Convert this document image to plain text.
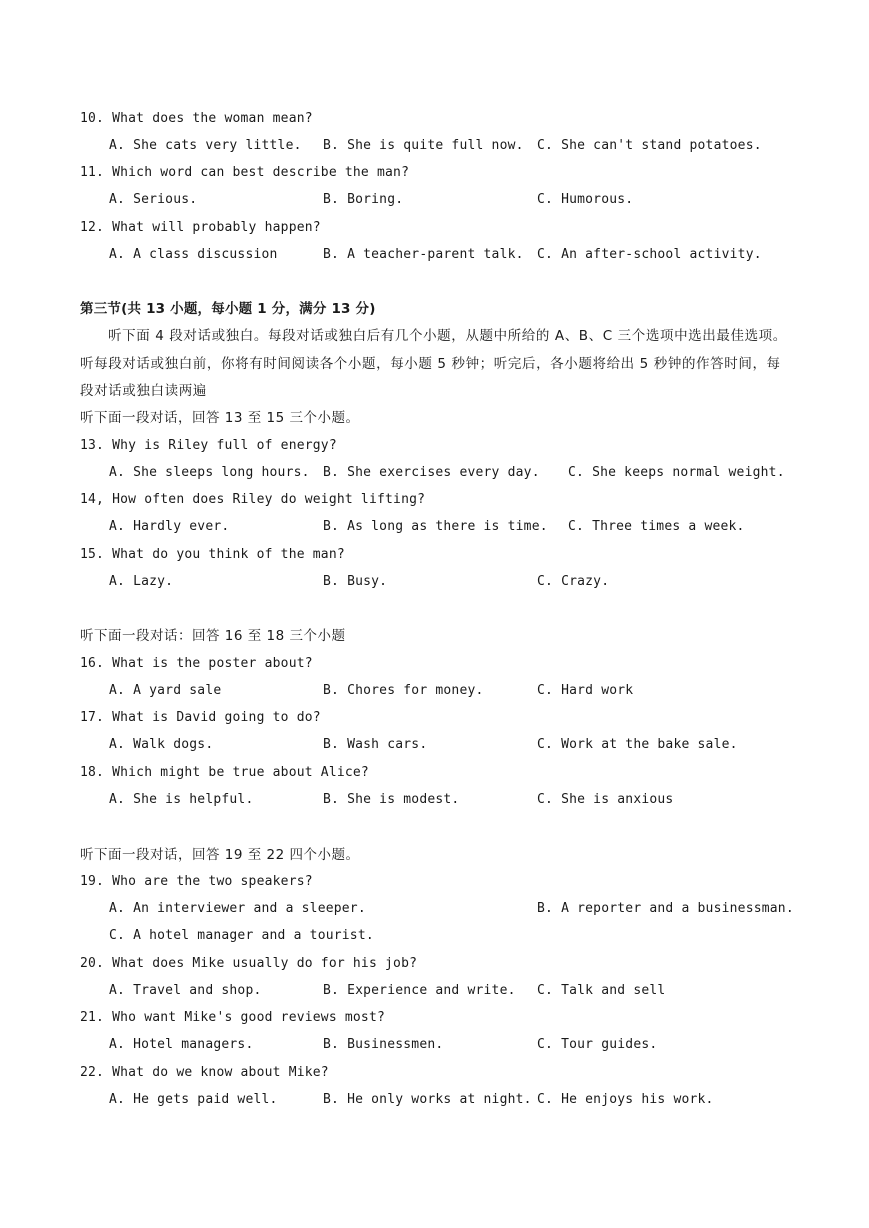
10. What does the woman mean?
A. She cats very little. B. She is quite full now. C. She can't stand potatoes.
11. Which word can best describe the man?
A. Serious.	B. Boring.	C. Humorous.
12. What will probably happen?
A. A class discussion	B. A teacher-parent talk. C. An after-school activity.
第三节(共 13 小题，每小题 1 分，满分 13 分)
听下面 4 段对话或独白。每段对话或独白后有几个小题，从题中所给的 A、B、C 三个选项中选出最佳选项。听每段对话或独白前，你将有时间阅读各个小题，每小题 5 秒钟；听完后，各小题将给出 5 秒钟的作答时间，每段对话或独白读两遍
听下面一段对话，回答 13 至 15 三个小题。
13. Why is Riley full of energy?
A. She sleeps long hours. B. She exercises every day. C. She keeps normal weight.
14, How often does Riley do weight lifting?
A. Hardly ever.	B. As long as there is time. C. Three times a week.
15. What do you think of the man?
A. Lazy.	B. Busy.	C. Crazy.
听下面一段对话：回答 16 至 18 三个小题
16. What is the poster about?
A. A yard sale	B. Chores for money.	C. Hard work
17. What is David going to do?
A. Walk dogs.	B. Wash cars.	C. Work at the bake sale.
18. Which might be true about Alice?
A. She is helpful.	B. She is modest.	C. She is anxious
听下面一段对话，回答 19 至 22 四个小题。
19. Who are the two speakers?
A. An interviewer and a sleeper.	B. A reporter and a businessman.
C. A hotel manager and a tourist.
20. What does Mike usually do for his job?
A. Travel and shop.	B. Experience and write. C. Talk and sell
21. Who want Mike's good reviews most?
A. Hotel managers.	B. Businessmen.	C. Tour guides.
22. What do we know about Mike?
A. He gets paid well.	B. He only works at night. C. He enjoys his work.
